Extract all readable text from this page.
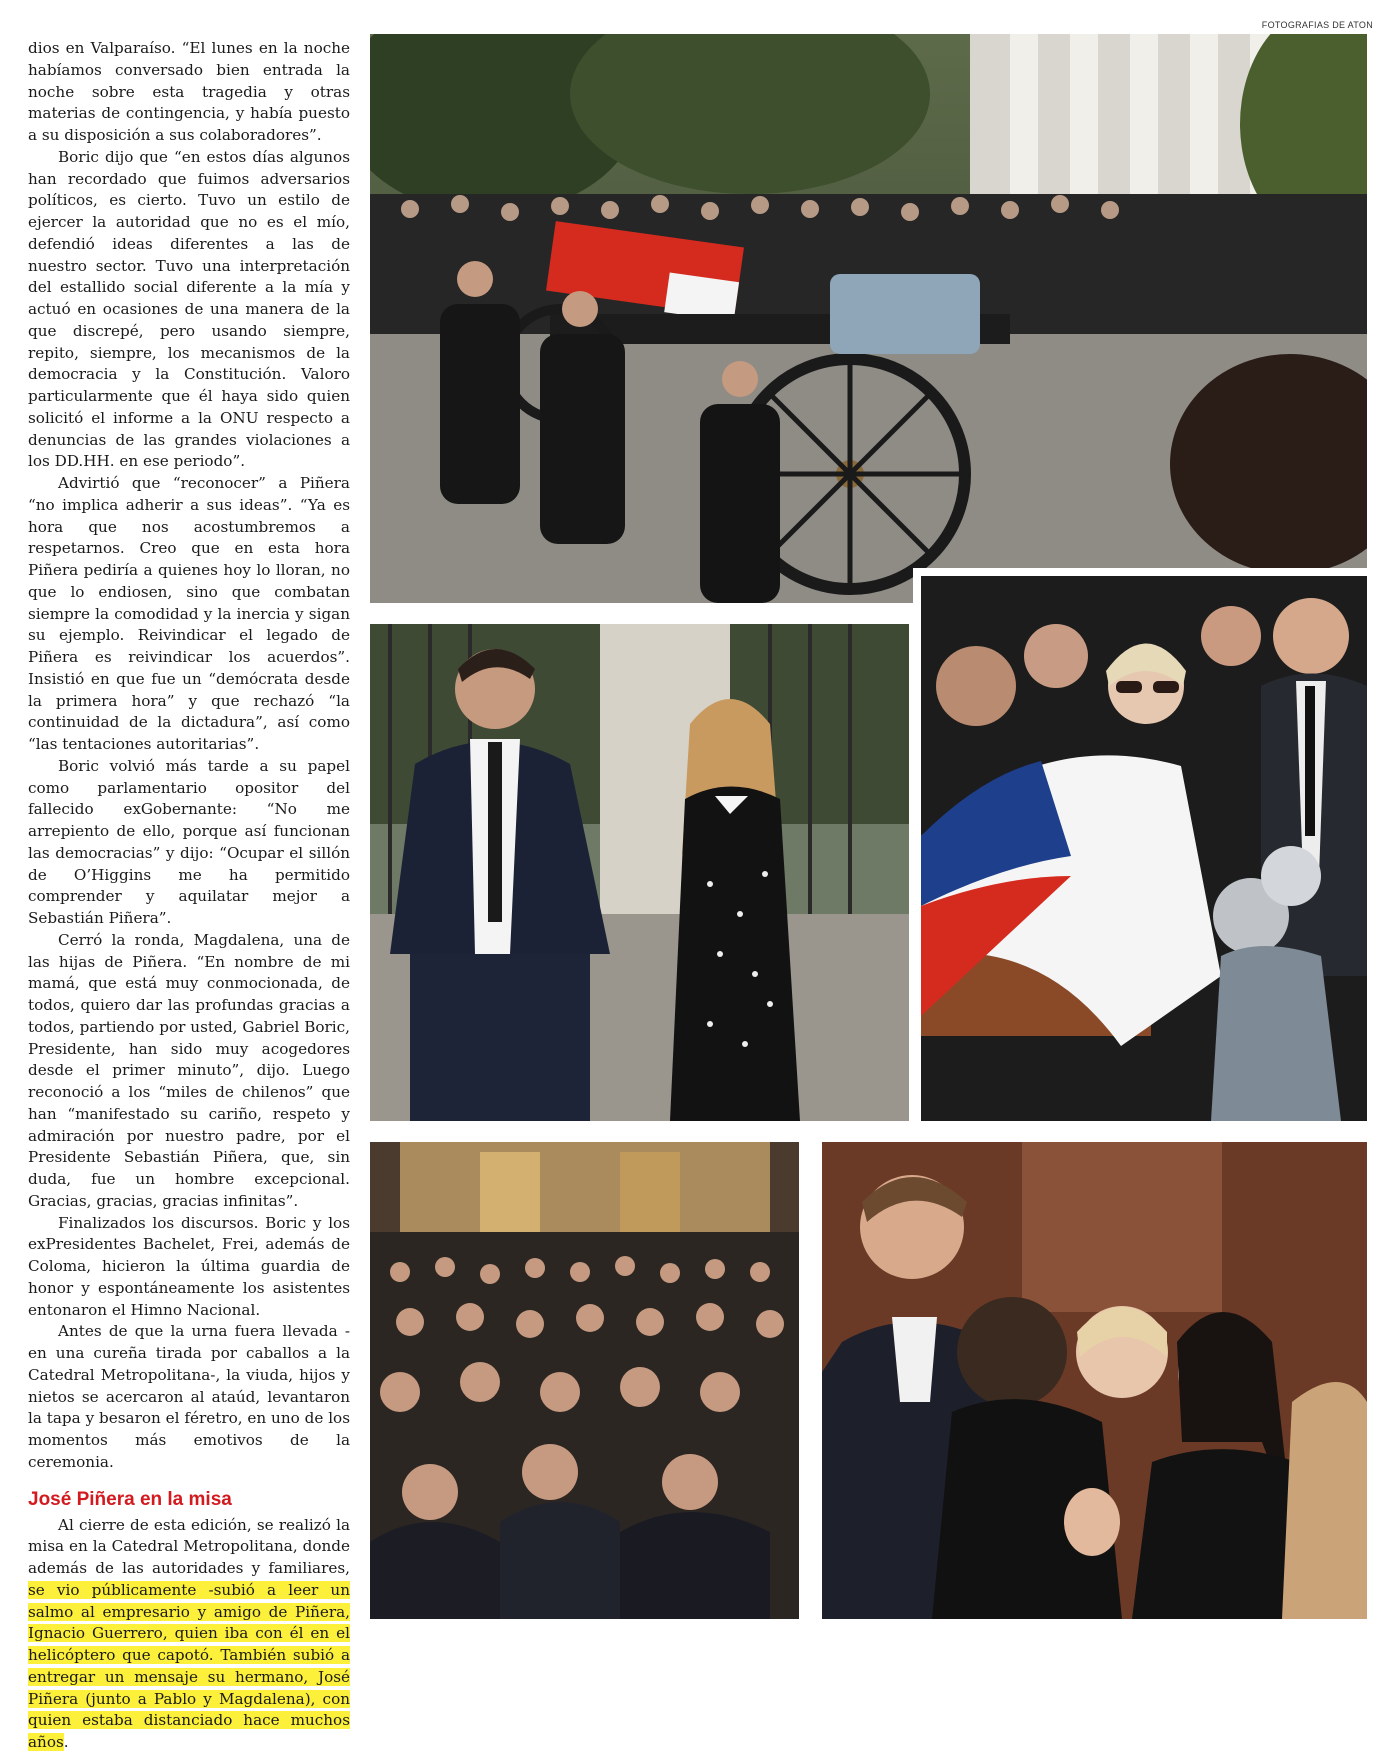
FOTOGRAFIAS DE ATON

dios en Valparaíso. “El lunes en la noche habíamos conversado bien entrada la noche sobre esta tragedia y otras materias de contingencia, y había puesto a su disposición a sus colaboradores”.

Boric dijo que “en estos días algunos han recordado que fuimos adversarios políticos, es cierto. Tuvo un estilo de ejercer la autoridad que no es el mío, defendió ideas diferentes a las de nuestro sector. Tuvo una interpretación del estallido social diferente a la mía y actuó en ocasiones de una manera de la que discrepé, pero usando siempre, repito, siempre, los mecanismos de la democracia y la Constitución. Valoro particularmente que él haya sido quien solicitó el informe a la ONU respecto a denuncias de las grandes violaciones a los DD.HH. en ese periodo”.

Advirtió que “reconocer” a Piñera “no implica adherir a sus ideas”. “Ya es hora que nos acostumbremos a respetarnos. Creo que en esta hora Piñera pediría a quienes hoy lo lloran, no que lo endiosen, sino que combatan siempre la comodidad y la inercia y sigan su ejemplo. Reivindicar el legado de Piñera es reivindicar los acuerdos”. Insistió en que fue un “demócrata desde la primera hora” y que rechazó “la continuidad de la dictadura”, así como “las tentaciones autoritarias”.

Boric volvió más tarde a su papel como parlamentario opositor del fallecido exGobernante: “No me arrepiento de ello, porque así funcionan las democracias” y dijo: “Ocupar el sillón de O’Higgins me ha permitido comprender y aquilatar mejor a Sebastián Piñera”.

Cerró la ronda, Magdalena, una de las hijas de Piñera. “En nombre de mi mamá, que está muy conmocionada, de todos, quiero dar las profundas gracias a todos, partiendo por usted, Gabriel Boric, Presidente, han sido muy acogedores desde el primer minuto”, dijo. Luego reconoció a los “miles de chilenos” que han “manifestado su cariño, respeto y admiración por nuestro padre, por el Presidente Sebastián Piñera, que, sin duda, fue un hombre excepcional. Gracias, gracias, gracias infinitas”.

Finalizados los discursos. Boric y los exPresidentes Bachelet, Frei, además de Coloma, hicieron la última guardia de honor y espontáneamente los asistentes entonaron el Himno Nacional.

Antes de que la urna fuera llevada -en una cureña tirada por caballos a la Catedral Metropolitana-, la viuda, hijos y nietos se acercaron al ataúd, levantaron la tapa y besaron el féretro, en uno de los momentos más emotivos de la ceremonia.

José Piñera en la misa

Al cierre de esta edición, se realizó la misa en la Catedral Metropolitana, donde además de las autoridades y familiares, se vio públicamente -subió a leer un salmo al empresario y amigo de Piñera, Ignacio Guerrero, quien iba con él en el helicóptero que capotó. También subió a entregar un mensaje su hermano, José Piñera (junto a Pablo y Magdalena), con quien estaba distanciado hace muchos años.
